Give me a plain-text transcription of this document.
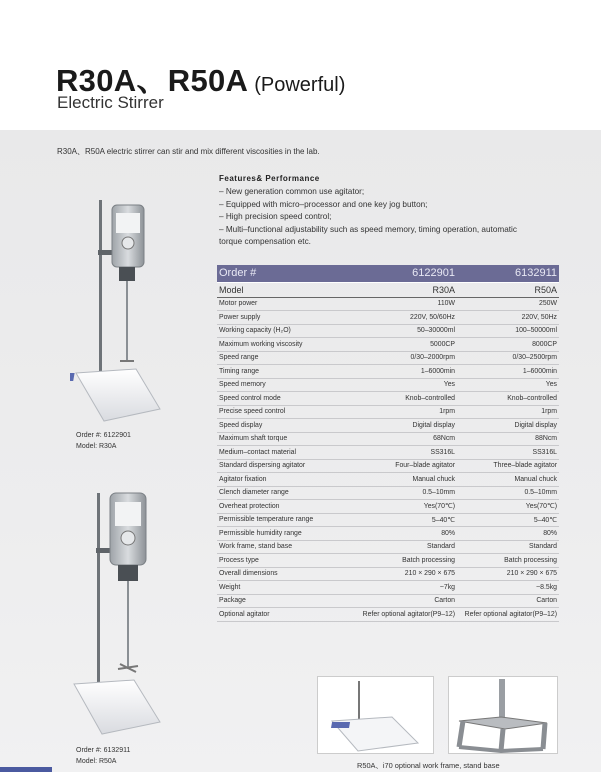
R30A、R50A (Powerful)
Electric Stirrer
R30A、R50A electric stirrer can stir and mix different viscosities in the lab.
Features& Performance
– New generation common use agitator;
– Equipped with micro–processor and one key jog button;
– High precision speed control;
– Multi–functional adjustability such as speed memory, timing operation, automatic
torque compensation etc.
Order #: 6122901
Model: R30A
Order #: 6132911
Model: R50A
Order #	6122901	6132911
Model	R30A	R50A
Motor power	110W	250W
Power supply	220V, 50/60Hz	220V, 50Hz
Working capacity (H₂O)	50–30000ml	100–50000ml
Maximum working viscosity	5000CP	8000CP
Speed range	0/30–2000rpm	0/30–2500rpm
Timing range	1–6000min	1–6000min
Speed memory	Yes	Yes
Speed control mode	Knob–controlled	Knob–controlled
Precise speed control	1rpm	1rpm
Speed display	Digital display	Digital display
Maximum shaft torque	68Ncm	88Ncm
Medium–contact material	SS316L	SS316L
Standard dispersing agitator	Four–blade agitator	Three–blade agitator
Agitator fixation	Manual chuck	Manual chuck
Clench diameter range	0.5–10mm	0.5–10mm
Overheat protection	Yes(70℃)	Yes(70℃)
Permissible temperature range	5–40℃	5–40℃
Permissible humidity range	80%	80%
Work frame, stand base	Standard	Standard
Process type	Batch processing	Batch processing
Overall dimensions	210 × 290 × 675	210 × 290 × 675
Weight	~7kg	~8.5kg
Package	Carton	Carton
Optional agitator	Refer optional agitator(P9–12)	Refer optional agitator(P9–12)
R50A、i70 optional work frame, stand base
